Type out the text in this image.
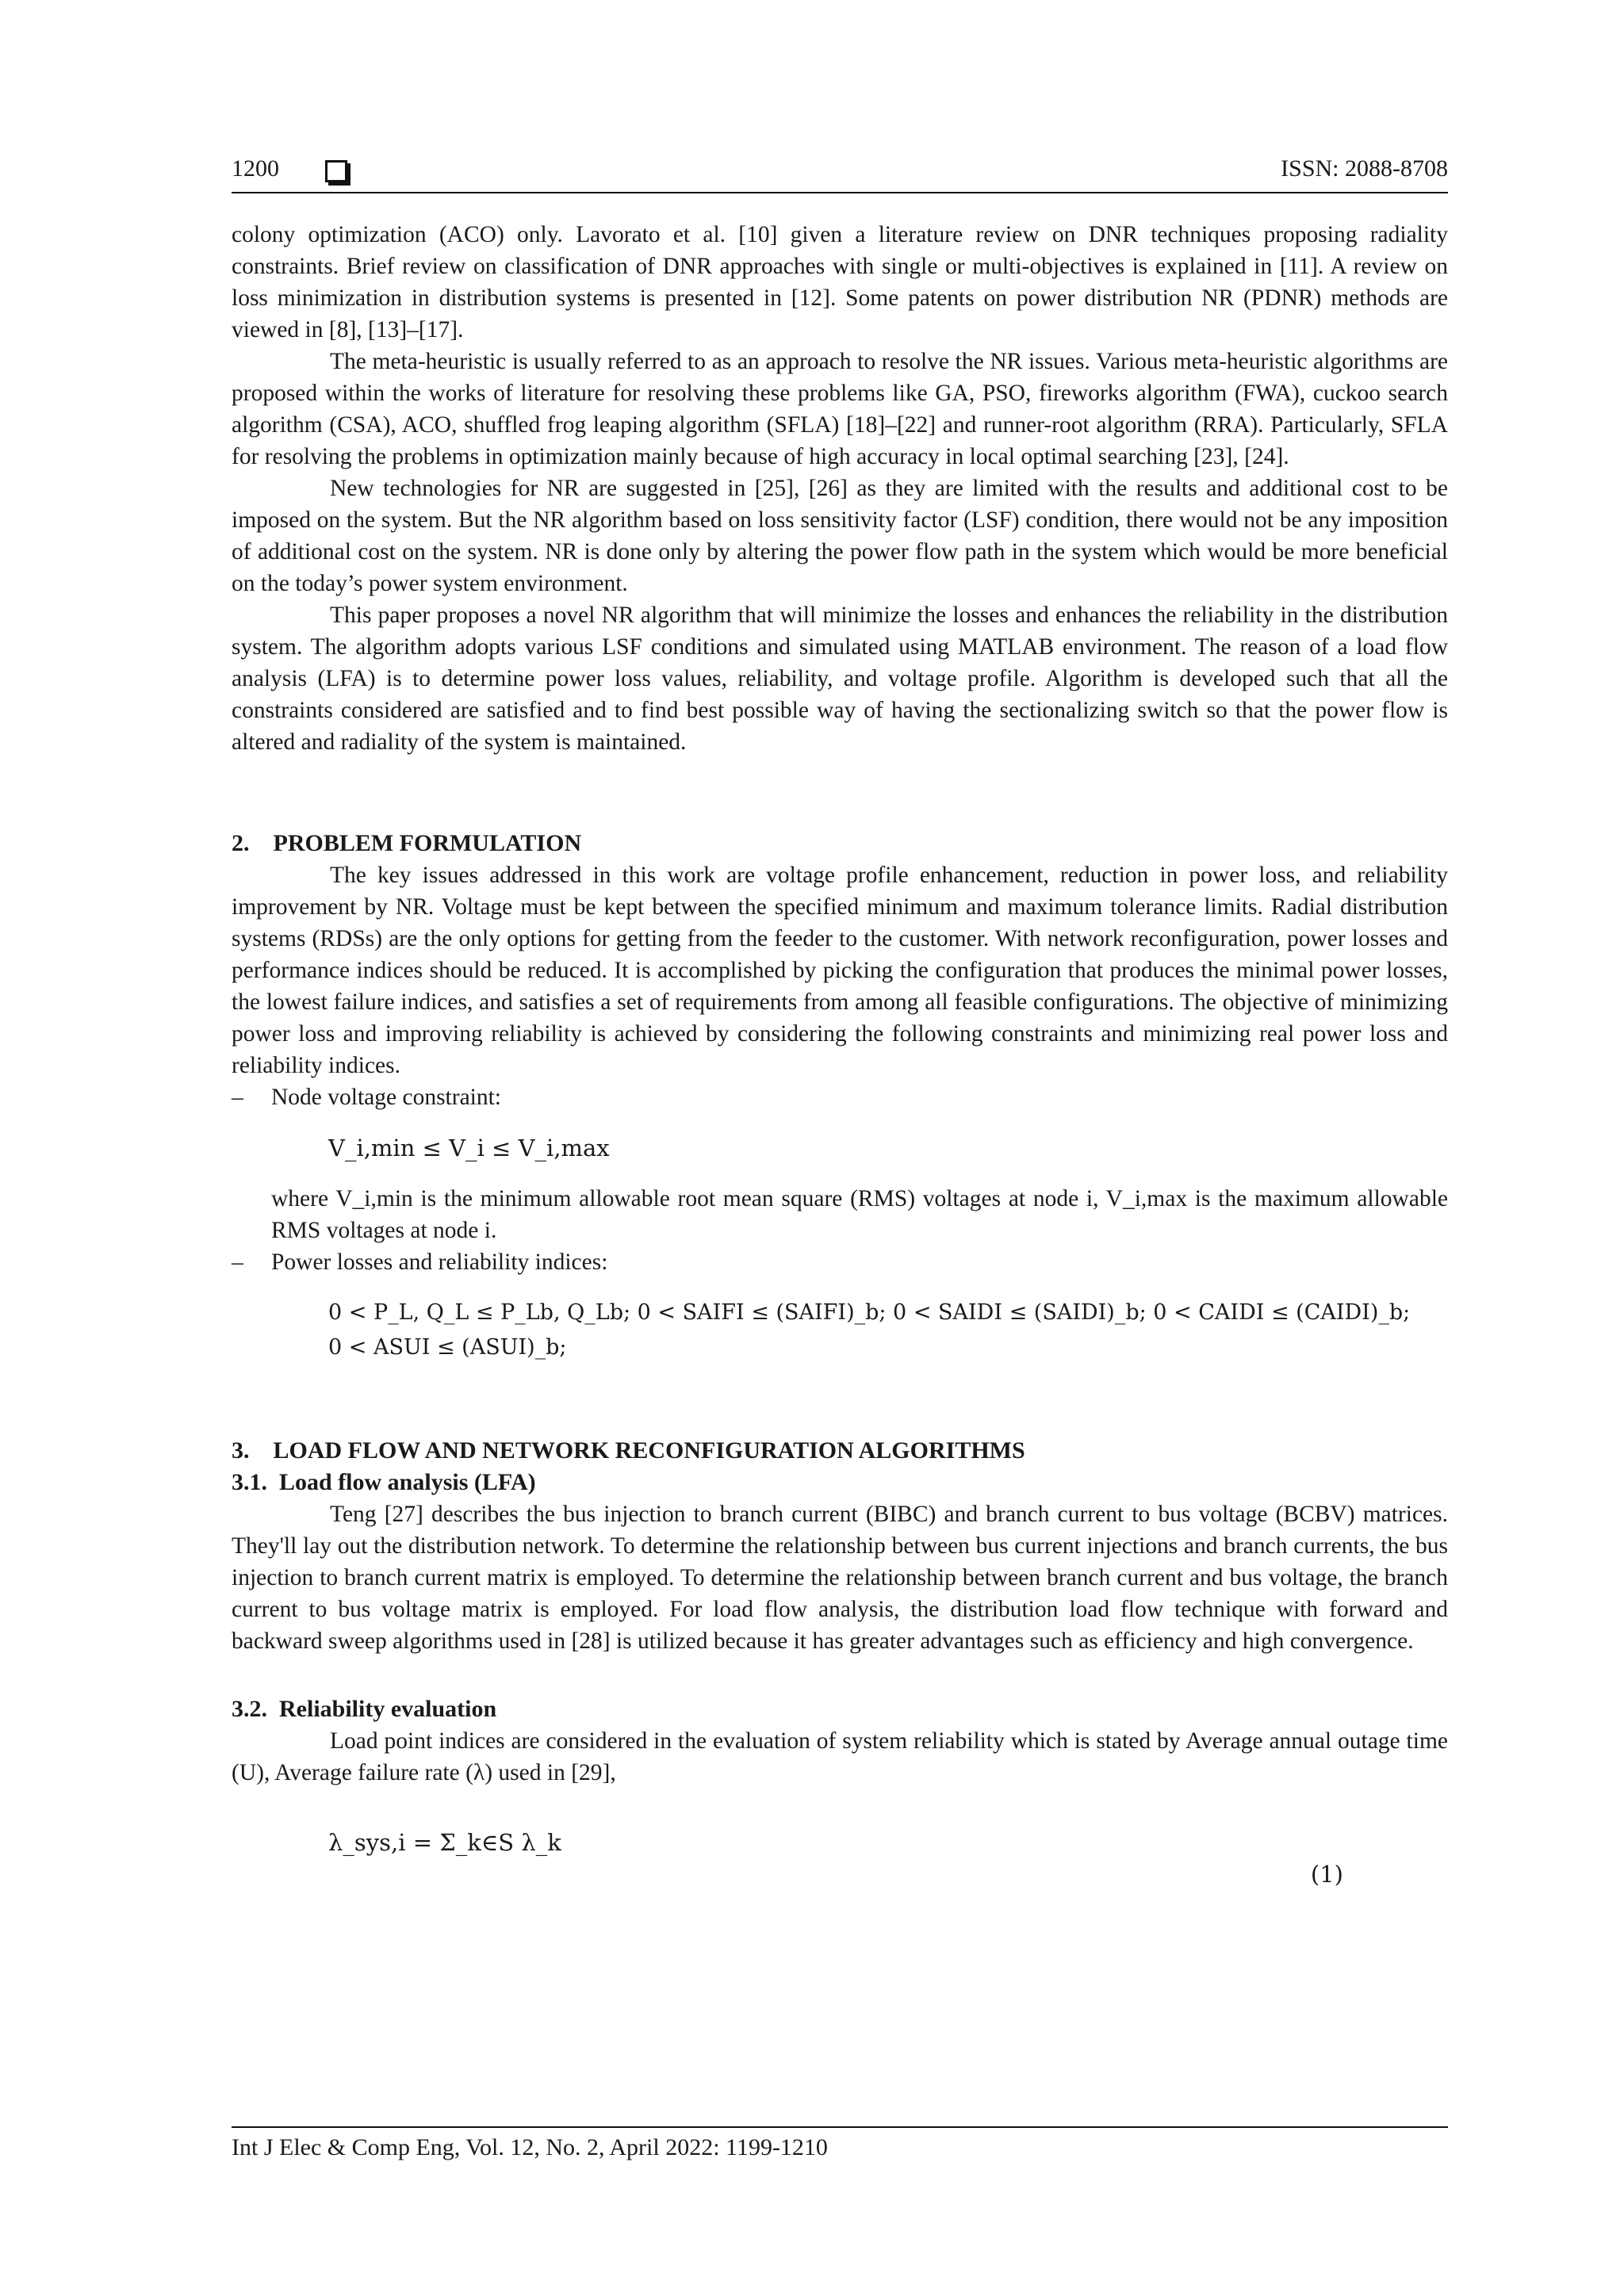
1200	ISSN: 2088-8708

colony optimization (ACO) only. Lavorato et al. [10] given a literature review on DNR techniques proposing radiality constraints. Brief review on classification of DNR approaches with single or multi-objectives is explained in [11]. A review on loss minimization in distribution systems is presented in [12]. Some patents on power distribution NR (PDNR) methods are viewed in [8], [13]–[17].

The meta-heuristic is usually referred to as an approach to resolve the NR issues. Various meta-heuristic algorithms are proposed within the works of literature for resolving these problems like GA, PSO, fireworks algorithm (FWA), cuckoo search algorithm (CSA), ACO, shuffled frog leaping algorithm (SFLA) [18]–[22] and runner-root algorithm (RRA). Particularly, SFLA for resolving the problems in optimization mainly because of high accuracy in local optimal searching [23], [24].

New technologies for NR are suggested in [25], [26] as they are limited with the results and additional cost to be imposed on the system. But the NR algorithm based on loss sensitivity factor (LSF) condition, there would not be any imposition of additional cost on the system. NR is done only by altering the power flow path in the system which would be more beneficial on the today’s power system environment.

This paper proposes a novel NR algorithm that will minimize the losses and enhances the reliability in the distribution system. The algorithm adopts various LSF conditions and simulated using MATLAB environment. The reason of a load flow analysis (LFA) is to determine power loss values, reliability, and voltage profile. Algorithm is developed such that all the constraints considered are satisfied and to find best possible way of having the sectionalizing switch so that the power flow is altered and radiality of the system is maintained.

2.    PROBLEM FORMULATION

The key issues addressed in this work are voltage profile enhancement, reduction in power loss, and reliability improvement by NR. Voltage must be kept between the specified minimum and maximum tolerance limits. Radial distribution systems (RDSs) are the only options for getting from the feeder to the customer. With network reconfiguration, power losses and performance indices should be reduced. It is accomplished by picking the configuration that produces the minimal power losses, the lowest failure indices, and satisfies a set of requirements from among all feasible configurations. The objective of minimizing power loss and improving reliability is achieved by considering the following constraints and minimizing real power loss and reliability indices.

– Node voltage constraint:
V_i,min ≤ V_i ≤ V_i,max

where V_i,min is the minimum allowable root mean square (RMS) voltages at node i, V_i,max is the maximum allowable RMS voltages at node i.

– Power losses and reliability indices:
0 < P_L, Q_L ≤ P_Lb, Q_Lb; 0 < SAIFI ≤ (SAIFI)_b; 0 < SAIDI ≤ (SAIDI)_b; 0 < CAIDI ≤ (CAIDI)_b;
0 < ASUI ≤ (ASUI)_b;
3.    LOAD FLOW AND NETWORK RECONFIGURATION ALGORITHMS
3.1.  Load flow analysis (LFA)

Teng [27] describes the bus injection to branch current (BIBC) and branch current to bus voltage (BCBV) matrices. They'll lay out the distribution network. To determine the relationship between bus current injections and branch currents, the bus injection to branch current matrix is employed. To determine the relationship between branch current and bus voltage, the branch current to bus voltage matrix is employed. For load flow analysis, the distribution load flow technique with forward and backward sweep algorithms used in [28] is utilized because it has greater advantages such as efficiency and high convergence.

3.2.  Reliability evaluation

Load point indices are considered in the evaluation of system reliability which is stated by Average annual outage time (U), Average failure rate (λ) used in [29],

λ_sys,i = Σ_k∈S λ_k
(1)
Int J Elec & Comp Eng, Vol. 12, No. 2, April 2022: 1199-1210
